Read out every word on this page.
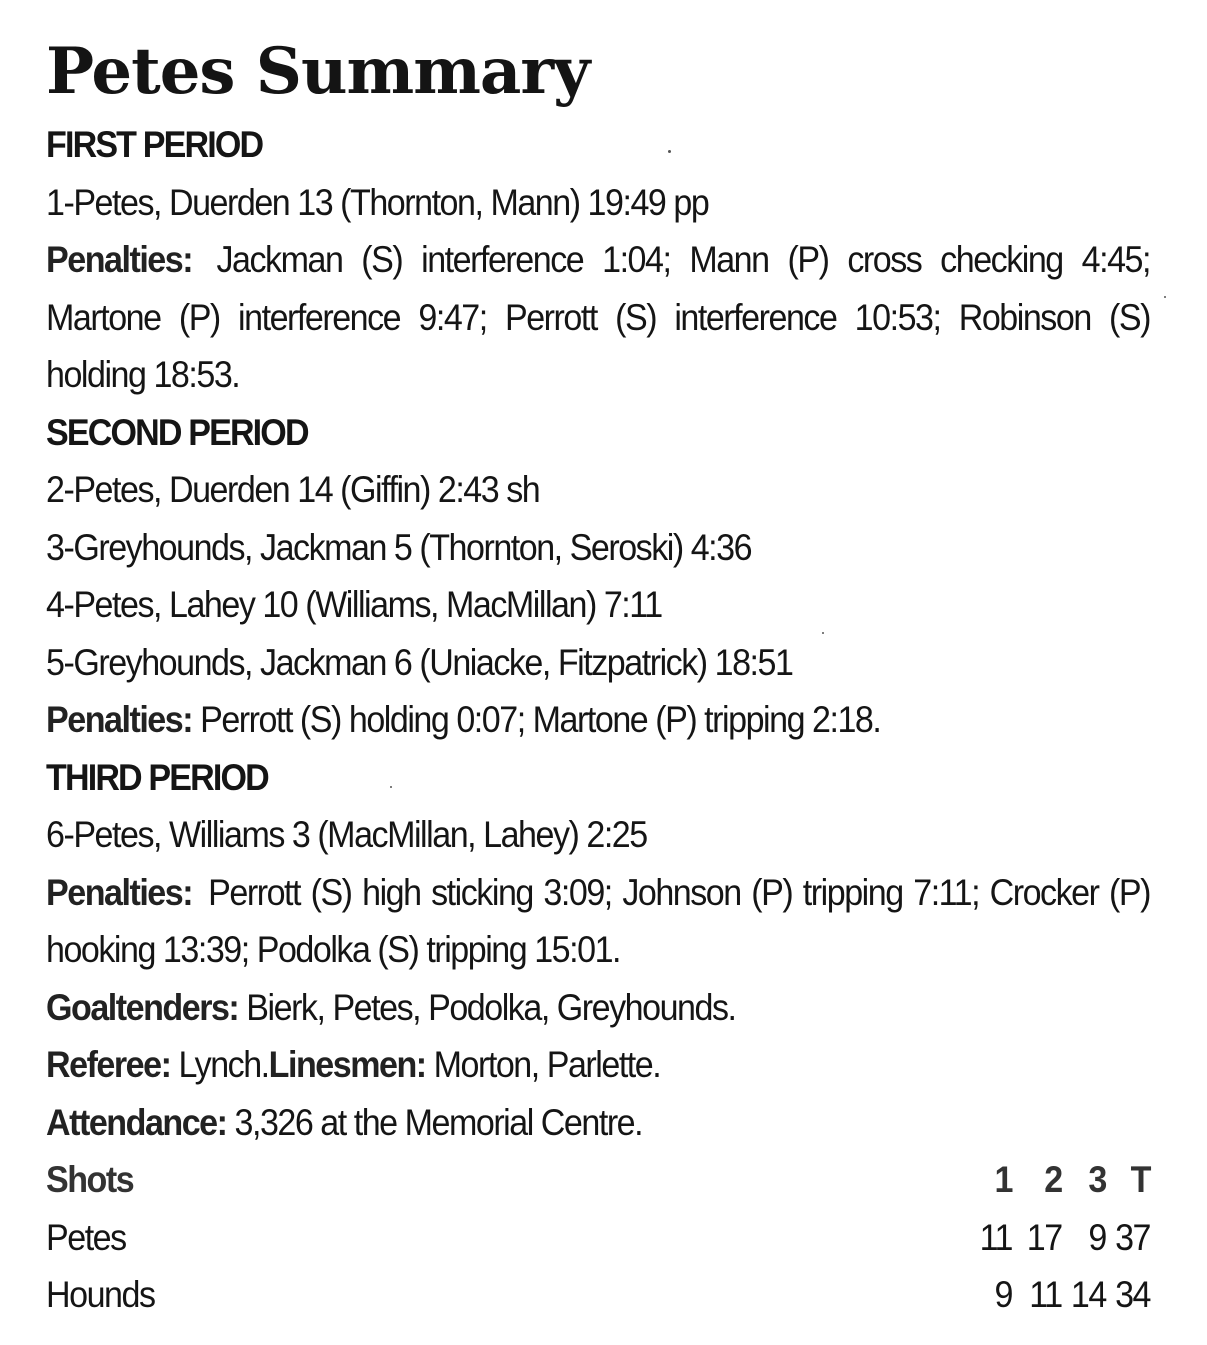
Petes Summary
FIRST PERIOD
1-Petes, Duerden 13 (Thornton, Mann) 19:49 pp
Penalties: Jackman (S) interference 1:04; Mann (P) cross checking 4:45; Martone (P) interference 9:47; Perrott (S) interference 10:53; Robinson (S) holding 18:53.
SECOND PERIOD
2-Petes, Duerden 14 (Giffin) 2:43 sh
3-Greyhounds, Jackman 5 (Thornton, Seroski) 4:36
4-Petes, Lahey 10 (Williams, MacMillan) 7:11
5-Greyhounds, Jackman 6 (Uniacke, Fitzpatrick) 18:51
Penalties: Perrott (S) holding 0:07; Martone (P) tripping 2:18.
THIRD PERIOD
6-Petes, Williams 3 (MacMillan, Lahey) 2:25
Penalties: Perrott (S) high sticking 3:09; Johnson (P) tripping 7:11; Crocker (P) hooking 13:39; Podolka (S) tripping 15:01.
Goaltenders: Bierk, Petes, Podolka, Greyhounds.
Referee: Lynch.Linesmen: Morton, Parlette.
Attendance: 3,326 at the Memorial Centre.
Shots	1 2 3 T
Petes	11 17 9 37
Hounds	9 11 14 34
